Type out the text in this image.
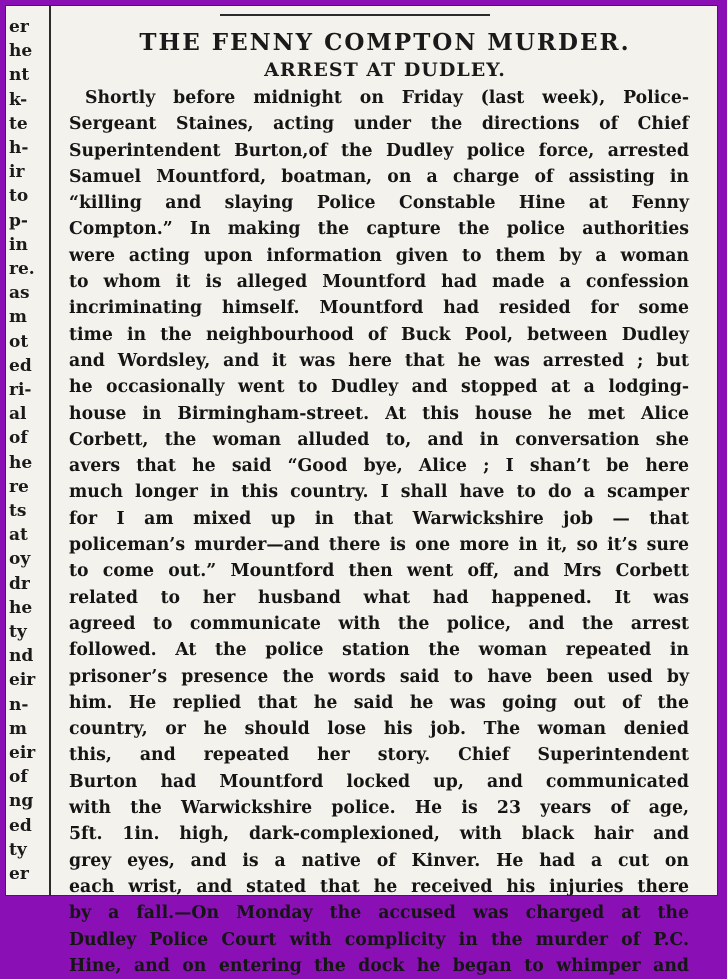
er
he
nt
k-
te
h-
ir
to
p-
in
re.
as
m
ot
ed
ri-
al
of
he
re
ts
at
oy
dr
he
ty
nd
eir
n-
m
eir
of
ng
ed
ty
er
THE FENNY COMPTON MURDER.
ARREST AT DUDLEY.
Shortly before midnight on Friday (last week), Police-
Sergeant Staines, acting under the directions of Chief
Superintendent Burton,of the Dudley police force, arrested
Samuel Mountford, boatman, on a charge of assisting in
“killing and slaying Police Constable Hine at Fenny
Compton.” In making the capture the police authorities
were acting upon information given to them by a woman
to whom it is alleged Mountford had made a confession
incriminating himself. Mountford had resided for some
time in the neighbourhood of Buck Pool, between Dudley
and Wordsley, and it was here that he was arrested ; but
he occasionally went to Dudley and stopped at a lodging-
house in Birmingham-street. At this house he met Alice
Corbett, the woman alluded to, and in conversation she
avers that he said “Good bye, Alice ; I shan’t be here
much longer in this country. I shall have to do a scamper
for I am mixed up in that Warwickshire job — that
policeman’s murder—and there is one more in it, so it’s sure
to come out.” Mountford then went off, and Mrs Corbett
related to her husband what had happened. It was
agreed to communicate with the police, and the arrest
followed. At the police station the woman repeated in
prisoner’s presence the words said to have been used by
him. He replied that he said he was going out of the
country, or he should lose his job. The woman denied
this, and repeated her story. Chief Superintendent
Burton had Mountford locked up, and communicated
with the Warwickshire police. He is 23 years of age,
5ft. 1in. high, dark-complexioned, with black hair and
grey eyes, and is a native of Kinver. He had a cut on
each wrist, and stated that he received his injuries there
by a fall.—On Monday the accused was charged at the
Dudley Police Court with complicity in the murder of P.C.
Hine, and on entering the dock he began to whimper and
